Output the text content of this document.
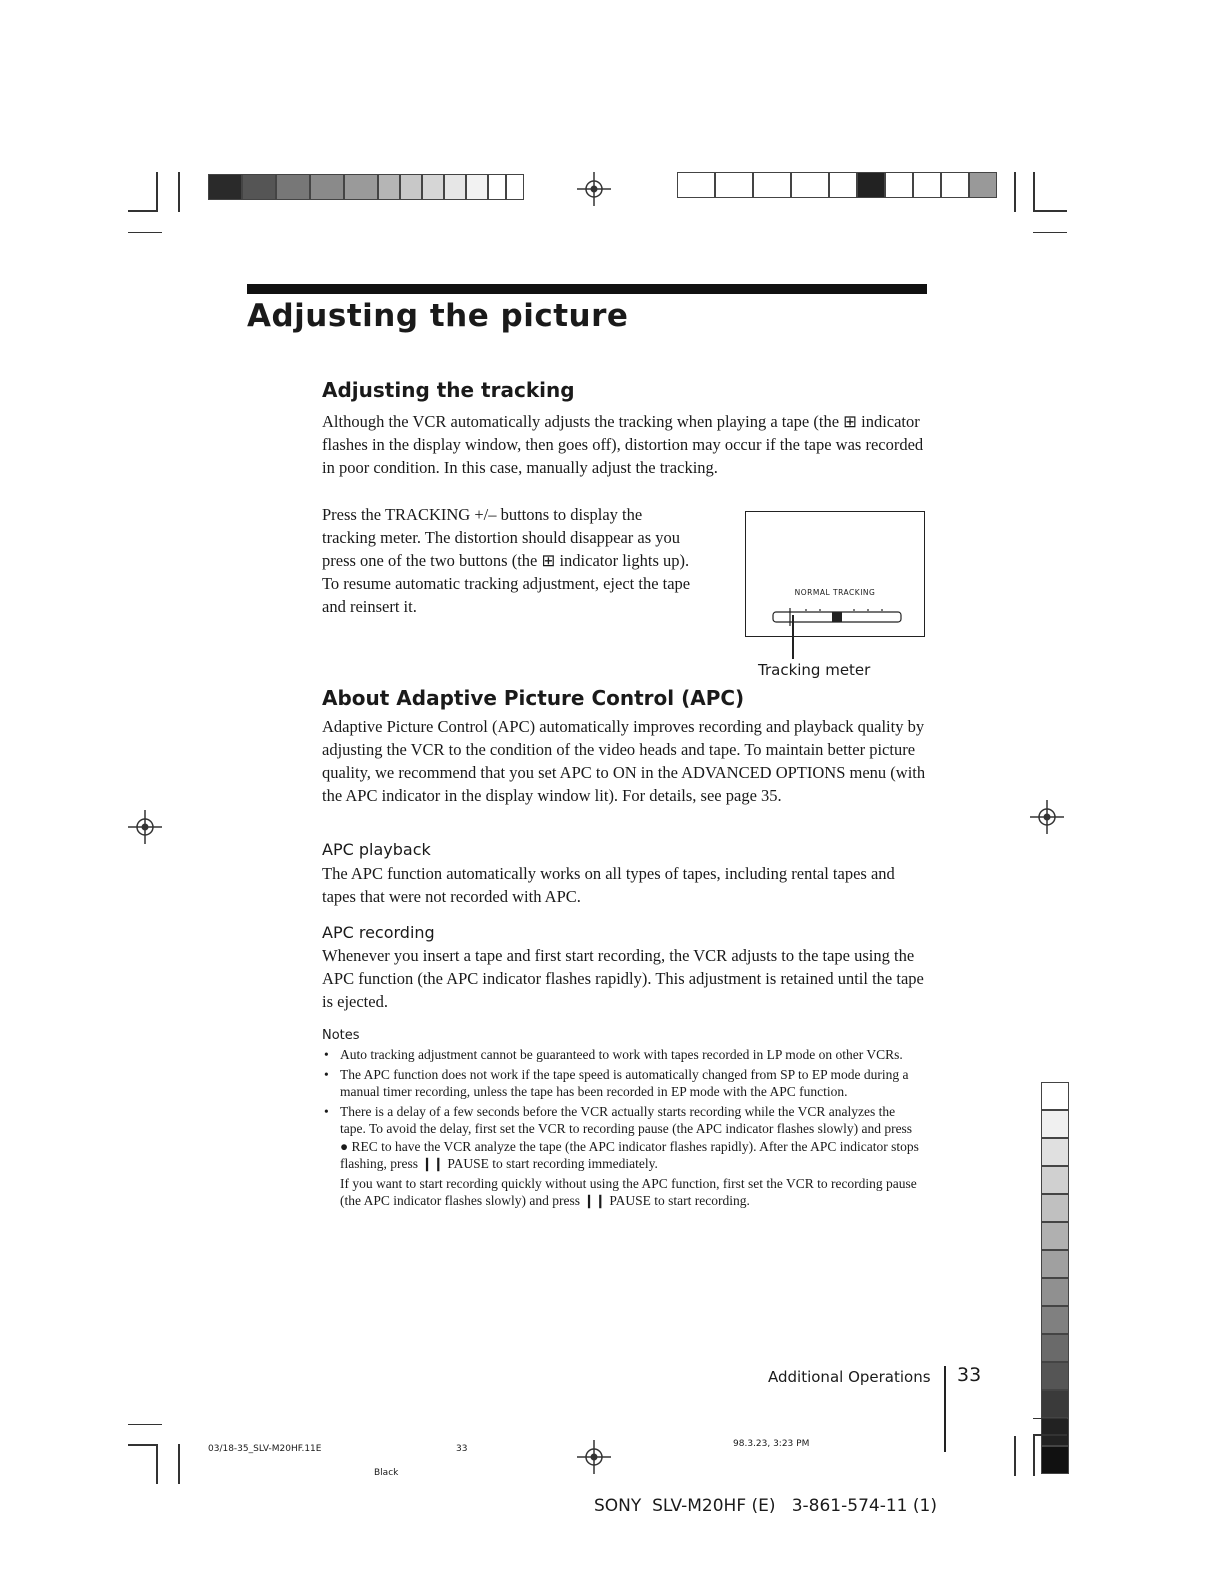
Adjusting the picture
Adjusting the tracking
Although the VCR automatically adjusts the tracking when playing a tape (the ⊞ indicator flashes in the display window, then goes off), distortion may occur if the tape was recorded in poor condition. In this case, manually adjust the tracking.
Press the TRACKING +/– buttons to display the tracking meter. The distortion should disappear as you press one of the two buttons (the ⊞ indicator lights up). To resume automatic tracking adjustment, eject the tape and reinsert it.
NORMAL TRACKING
Tracking meter
About Adaptive Picture Control (APC)
Adaptive Picture Control (APC) automatically improves recording and playback quality by adjusting the VCR to the condition of the video heads and tape. To maintain better picture quality, we recommend that you set APC to ON in the ADVANCED OPTIONS menu (with the APC indicator in the display window lit). For details, see page 35.
APC playback
The APC function automatically works on all types of tapes, including rental tapes and tapes that were not recorded with APC.
APC recording
Whenever you insert a tape and first start recording, the VCR adjusts to the tape using the APC function (the APC indicator flashes rapidly). This adjustment is retained until the tape is ejected.
Notes
• Auto tracking adjustment cannot be guaranteed to work with tapes recorded in LP mode on other VCRs.
• The APC function does not work if the tape speed is automatically changed from SP to EP mode during a manual timer recording, unless the tape has been recorded in EP mode with the APC function.
• There is a delay of a few seconds before the VCR actually starts recording while the VCR analyzes the tape. To avoid the delay, first set the VCR to recording pause (the APC indicator flashes slowly) and press ● REC to have the VCR analyze the tape (the APC indicator flashes rapidly). After the APC indicator stops flashing, press ❙❙ PAUSE to start recording immediately.
If you want to start recording quickly without using the APC function, first set the VCR to recording pause (the APC indicator flashes slowly) and press ❙❙ PAUSE to start recording.
Additional Operations 33
03/18-35_SLV-M20HF.11E	33
Black
98.3.23, 3:23 PM
SONY  SLV-M20HF (E)   3-861-574-11 (1)
